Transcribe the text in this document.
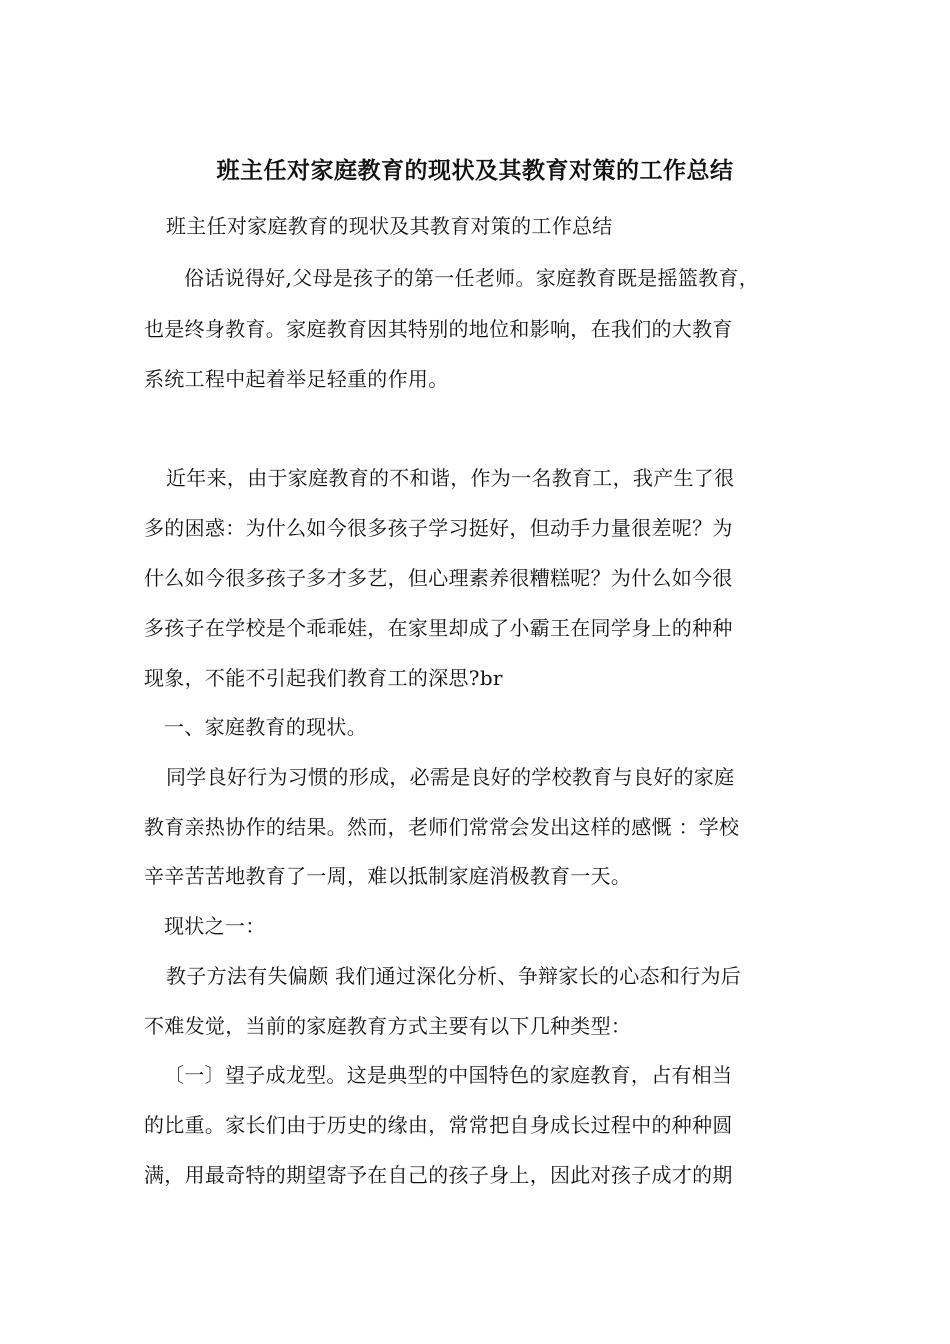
班主任对家庭教育的现状及其教育对策的工作总结
班主任对家庭教育的现状及其教育对策的工作总结
俗话说得好,父母是孩子的第一任老师。家庭教育既是摇篮教育，
也是终身教育。家庭教育因其特别的地位和影响，在我们的大教育
系统工程中起着举足轻重的作用。
近年来，由于家庭教育的不和谐，作为一名教育工，我产生了很
多的困惑：为什么如今很多孩子学习挺好，但动手力量很差呢？为
什么如今很多孩子多才多艺，但心理素养很糟糕呢？为什么如今很
多孩子在学校是个乖乖娃，在家里却成了小霸王在同学身上的种种
现象，不能不引起我们教育工的深思?br
一、家庭教育的现状。
同学良好行为习惯的形成，必需是良好的学校教育与良好的家庭
教育亲热协作的结果。然而，老师们常常会发出这样的感慨 ：学校
辛辛苦苦地教育了一周，难以抵制家庭消极教育一天。
现状之一：
教子方法有失偏颇 我们通过深化分析、争辩家长的心态和行为后
不难发觉，当前的家庭教育方式主要有以下几种类型：
〔一〕望子成龙型。这是典型的中国特色的家庭教育，占有相当
的比重。家长们由于历史的缘由，常常把自身成长过程中的种种圆
满，用最奇特的期望寄予在自己的孩子身上，因此对孩子成才的期
